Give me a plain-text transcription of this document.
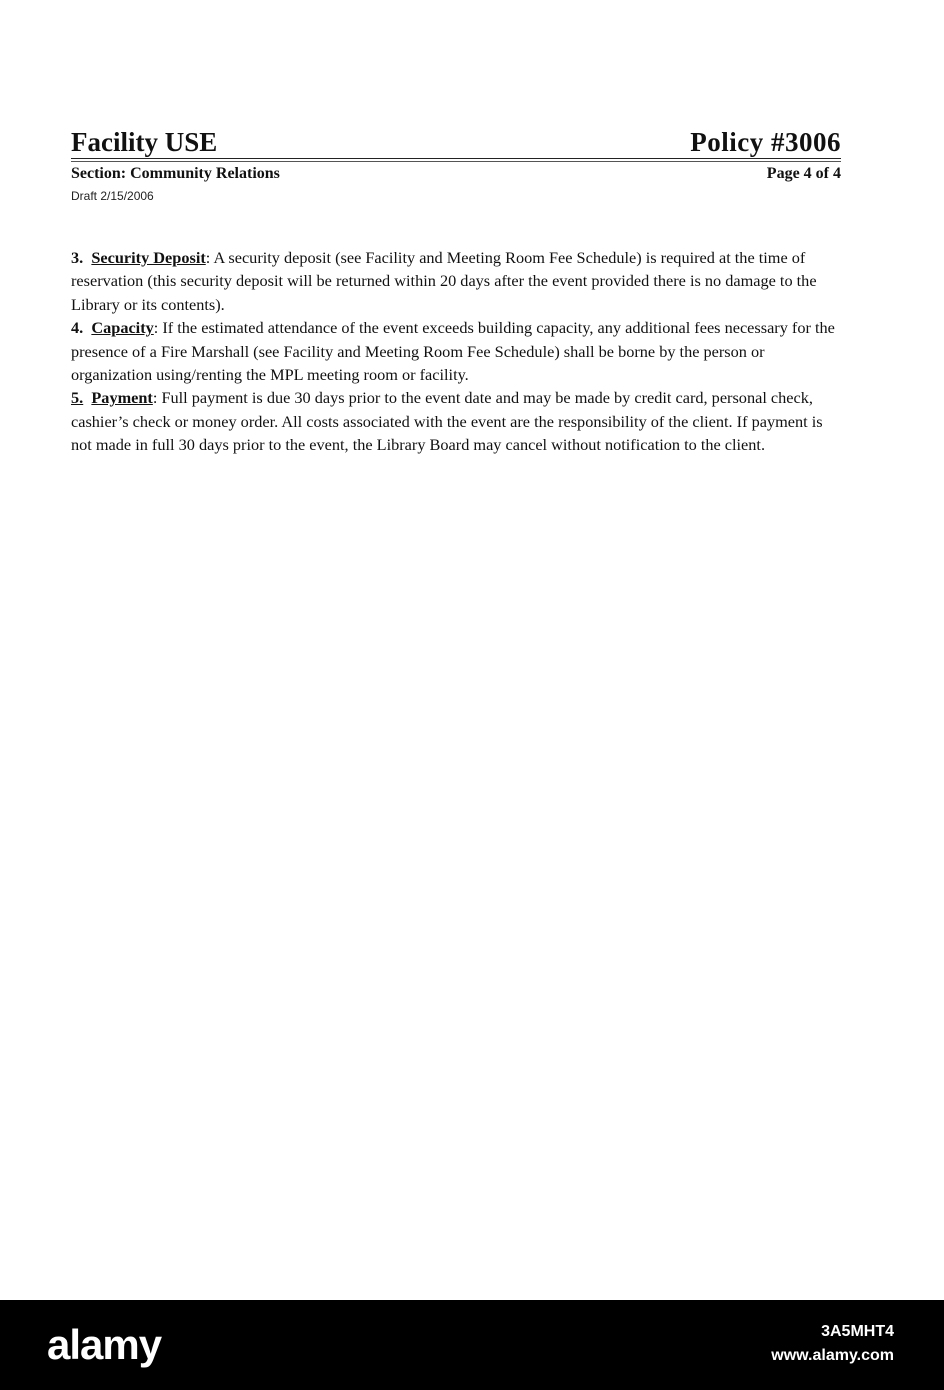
Facility USE	Policy #3006
Section: Community Relations	Page 4 of 4
Draft 2/15/2006

3. Security Deposit: A security deposit (see Facility and Meeting Room Fee Schedule) is required at the time of reservation (this security deposit will be returned within 20 days after the event provided there is no damage to the Library or its contents).

4. Capacity: If the estimated attendance of the event exceeds building capacity, any additional fees necessary for the presence of a Fire Marshall (see Facility and Meeting Room Fee Schedule) shall be borne by the person or organization using/renting the MPL meeting room or facility.

5. Payment: Full payment is due 30 days prior to the event date and may be made by credit card, personal check, cashier’s check or money order. All costs associated with the event are the responsibility of the client. If payment is not made in full 30 days prior to the event, the Library Board may cancel without notification to the client.

alamy	3A5MHT4
www.alamy.com
